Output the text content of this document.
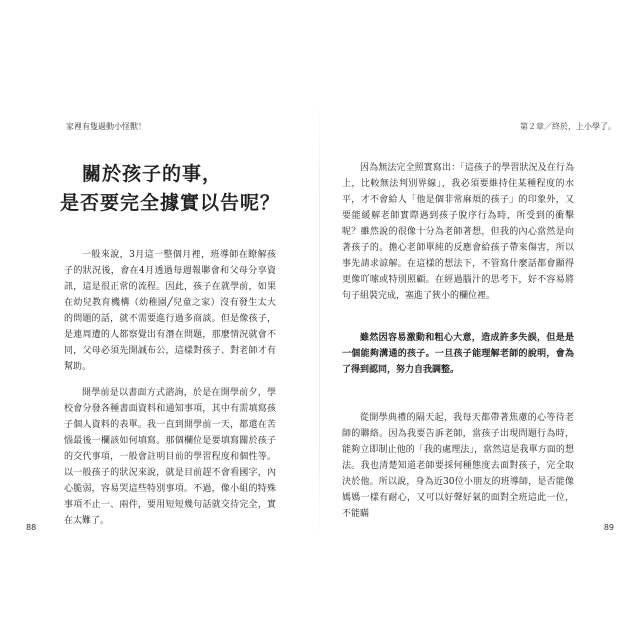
家裡有隻過動小怪獸！
關於孩子的事，
是否要完全據實以告呢？

一般來說，3月這一整個月裡，班導師在瞭解孩子的狀況後，會在4月透過每週報聯會和父母分享資訊，這是很正常的流程。因此，孩子在就學前，如果在幼兒教育機構（幼稚園╱兒童之家）沒有發生太大的問題的話，就不需要進行過多商談。但是像孩子，是連周遭的人都察覺出有潛在問題，那麼情況就會不同，父母必須先開誠布公，這樣對孩子、對老師才有幫助。

開學前是以書面方式諮詢，於是在開學前夕，學校會分發各種書面資料和通知事項，其中有需填寫孩子個人資料的表單。我一直到開學前一天，都還在苦惱最後一欄該如何填寫。那個欄位是要填寫關於孩子的交代事項，一般會註明目前的學習程度和個性等。以一般孩子的狀況來說，就是目前趕不會看國字，內心脆弱，容易哭這些特別事項。不過，像小組的特殊事項不止一、兩件，要用短短幾句話就交待完全，實在太難了。

88
第２章／終於，上小學了。

因為無法完全照實寫出：「這孩子的學習狀況及在行為上，比較無法判別界線」，我必須要維持住某種程度的水平，才不會給人「他是個非常麻煩的孩子」的印象外，又要能緩解老師實際遇到孩子脫序行為時，所受到的衝擊呢？雖然說的很像十分為老師著想，但我的內心當然是向著孩子的。擔心老師單純的反應會給孩子帶來傷害，所以事先請求諒解。在這樣的想法下，不管寫什麼話都會顯得更像吖嗦或特別照顧。在經過腦汁的思考下，好不容易將句子組裝完成，塞進了狹小的欄位裡。

雖然因容易激動和粗心大意，造成許多失誤，但是是一個能夠溝通的孩子。一旦孩子能理解老師的說明，會為了得到認同，努力自我調整。

從開學典禮的隔天起，我每天都帶著焦慮的心等待老師的聯絡。因為我要告訴老師，當孩子出現問題行為時，能夠立即制止他的「我的處理法」，當然這是我單方面的想法。我也清楚知道老師要採何種態度去面對孩子，完全取決於他。所以說，身為近30位小朋友的班導師，是否能像媽媽一樣有耐心，又可以好聲好氣的面對全班這此一位，不能瞞

89
